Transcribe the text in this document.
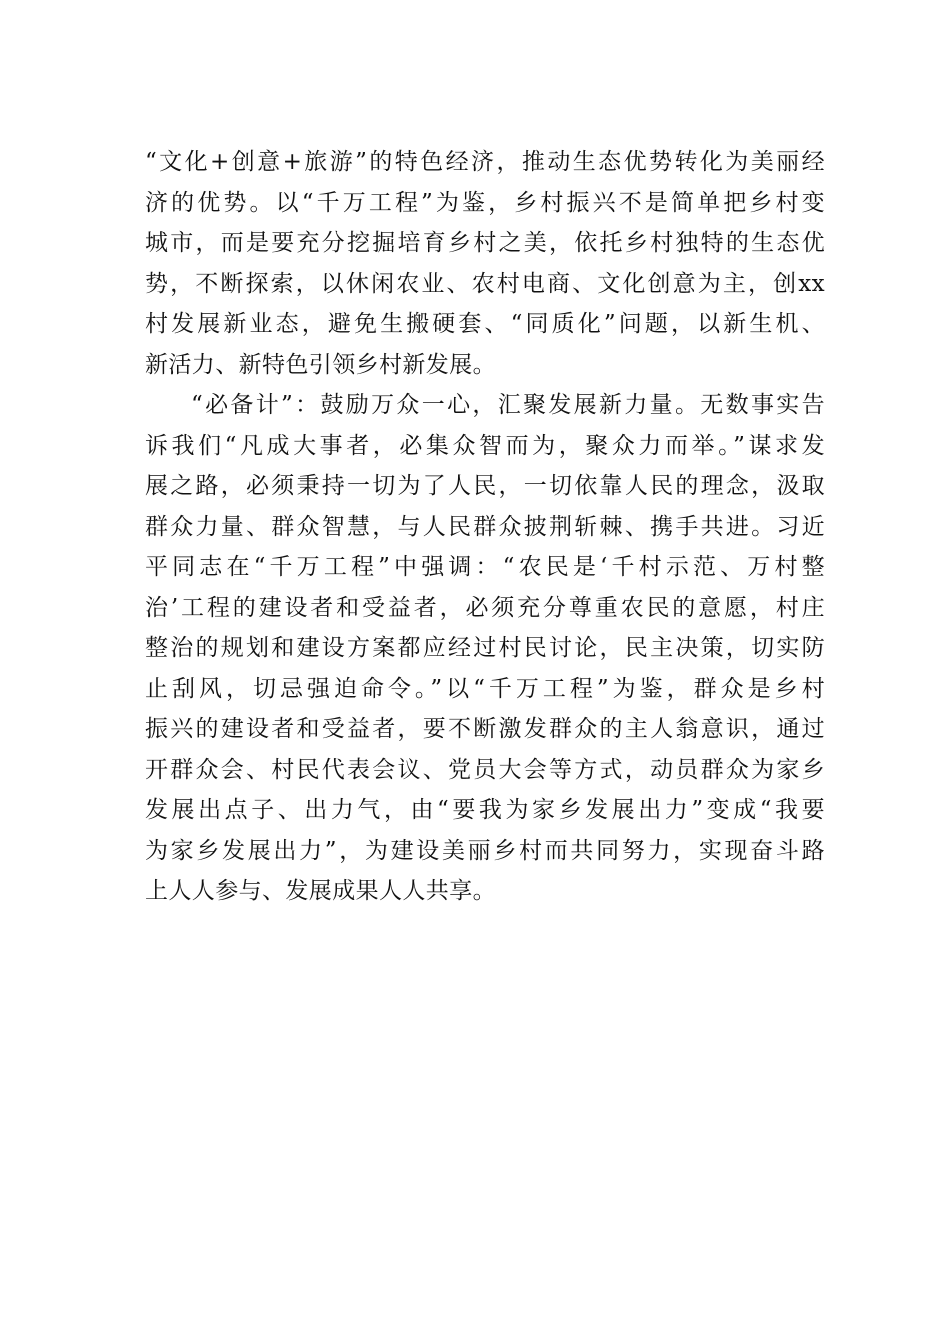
“文化+创意+旅游”的特色经济，推动生态优势转化为美丽经
济的优势。以“千万工程”为鉴，乡村振兴不是简单把乡村变
城市，而是要充分挖掘培育乡村之美，依托乡村独特的生态优
势，不断探索，以休闲农业、农村电商、文化创意为主，创xx
村发展新业态，避免生搬硬套、“同质化”问题，以新生机、
新活力、新特色引领乡村新发展。
“必备计”：鼓励万众一心，汇聚发展新力量。无数事实告
诉我们“凡成大事者，必集众智而为，聚众力而举。”谋求发
展之路，必须秉持一切为了人民，一切依靠人民的理念，汲取
群众力量、群众智慧，与人民群众披荆斩棘、携手共进。习近
平同志在“千万工程”中强调：“农民是‘千村示范、万村整
治’工程的建设者和受益者，必须充分尊重农民的意愿，村庄
整治的规划和建设方案都应经过村民讨论，民主决策，切实防
止刮风，切忌强迫命令。”以“千万工程”为鉴，群众是乡村
振兴的建设者和受益者，要不断激发群众的主人翁意识，通过
开群众会、村民代表会议、党员大会等方式，动员群众为家乡
发展出点子、出力气，由“要我为家乡发展出力”变成“我要
为家乡发展出力”，为建设美丽乡村而共同努力，实现奋斗路
上人人参与、发展成果人人共享。
